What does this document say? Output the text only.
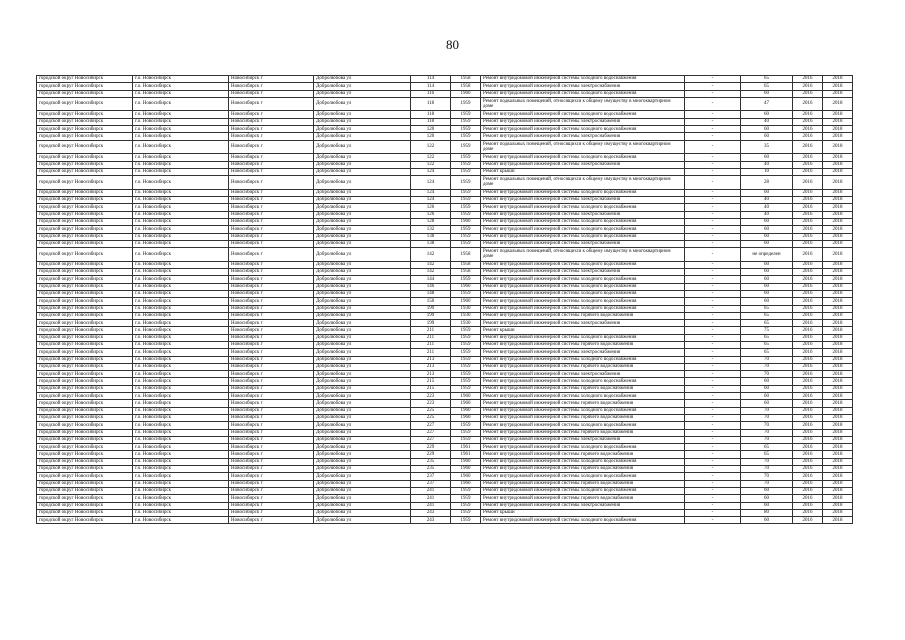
80
городской округ Новосибирск	г.о. Новосибирск	Новосибирск г	Добролюбова ул	114	1958	Ремонт внутридомовой инженерной системы холодного водоснабжения	-	65	2016	2018
городской округ Новосибирск	г.о. Новосибирск	Новосибирск г	Добролюбова ул	114	1958	Ремонт внутридомовой инженерной системы электроснабжения	-	65	2016	2018
городской округ Новосибирск	г.о. Новосибирск	Новосибирск г	Добролюбова ул	116	1960	Ремонт внутридомовой инженерной системы холодного водоснабжения	-	60	2016	2018
городской округ Новосибирск	г.о. Новосибирск	Новосибирск г	Добролюбова ул	118	1959	Ремонт подвальных помещений, относящихся к общему имуществу в многоквартирном доме	-	47	2016	2018
городской округ Новосибирск	г.о. Новосибирск	Новосибирск г	Добролюбова ул	118	1959	Ремонт внутридомовой инженерной системы холодного водоснабжения	-	60	2016	2018
городской округ Новосибирск	г.о. Новосибирск	Новосибирск г	Добролюбова ул	118	1959	Ремонт внутридомовой инженерной системы электроснабжения	-	40	2016	2018
городской округ Новосибирск	г.о. Новосибирск	Новосибирск г	Добролюбова ул	120	1959	Ремонт внутридомовой инженерной системы холодного водоснабжения	-	60	2016	2018
городской округ Новосибирск	г.о. Новосибирск	Новосибирск г	Добролюбова ул	120	1959	Ремонт внутридомовой инженерной системы электроснабжения	-	60	2016	2018
городской округ Новосибирск	г.о. Новосибирск	Новосибирск г	Добролюбова ул	122	1959	Ремонт подвальных помещений, относящихся к общему имуществу в многоквартирном доме	-	35	2016	2018
городской округ Новосибирск	г.о. Новосибирск	Новосибирск г	Добролюбова ул	122	1959	Ремонт внутридомовой инженерной системы холодного водоснабжения	-	60	2016	2018
городской округ Новосибирск	г.о. Новосибирск	Новосибирск г	Добролюбова ул	122	1959	Ремонт внутридомовой инженерной системы электроснабжения	-	40	2016	2018
городской округ Новосибирск	г.о. Новосибирск	Новосибирск г	Добролюбова ул	124	1959	Ремонт крыши	-	10	2016	2018
городской округ Новосибирск	г.о. Новосибирск	Новосибирск г	Добролюбова ул	124	1959	Ремонт подвальных помещений, относящихся к общему имуществу в многоквартирном доме	-	28	2016	2018
городской округ Новосибирск	г.о. Новосибирск	Новосибирск г	Добролюбова ул	124	1959	Ремонт внутридомовой инженерной системы холодного водоснабжения	-	60	2016	2018
городской округ Новосибирск	г.о. Новосибирск	Новосибирск г	Добролюбова ул	124	1959	Ремонт внутридомовой инженерной системы электроснабжения	-	40	2016	2018
городской округ Новосибирск	г.о. Новосибирск	Новосибирск г	Добролюбова ул	126	1959	Ремонт внутридомовой инженерной системы холодного водоснабжения	-	40	2016	2018
городской округ Новосибирск	г.о. Новосибирск	Новосибирск г	Добролюбова ул	126	1959	Ремонт внутридомовой инженерной системы электроснабжения	-	40	2016	2018
городской округ Новосибирск	г.о. Новосибирск	Новосибирск г	Добролюбова ул	128	1960	Ремонт внутридомовой инженерной системы холодного водоснабжения	-	60	2016	2018
городской округ Новосибирск	г.о. Новосибирск	Новосибирск г	Добролюбова ул	132	1959	Ремонт внутридомовой инженерной системы холодного водоснабжения	-	60	2016	2018
городской округ Новосибирск	г.о. Новосибирск	Новосибирск г	Добролюбова ул	138	1959	Ремонт внутридомовой инженерной системы холодного водоснабжения	-	60	2016	2018
городской округ Новосибирск	г.о. Новосибирск	Новосибирск г	Добролюбова ул	138	1959	Ремонт внутридомовой инженерной системы электроснабжения	-	60	2016	2018
городской округ Новосибирск	г.о. Новосибирск	Новосибирск г	Добролюбова ул	142	1958	Ремонт подвальных помещений, относящихся к общему имуществу в многоквартирном доме	-	не определен	2016	2018
городской округ Новосибирск	г.о. Новосибирск	Новосибирск г	Добролюбова ул	142	1958	Ремонт внутридомовой инженерной системы холодного водоснабжения	-	60	2016	2018
городской округ Новосибирск	г.о. Новосибирск	Новосибирск г	Добролюбова ул	142	1958	Ремонт внутридомовой инженерной системы электроснабжения	-	60	2016	2018
городской округ Новосибирск	г.о. Новосибирск	Новосибирск г	Добролюбова ул	144	1959	Ремонт внутридомовой инженерной системы холодного водоснабжения	-	60	2016	2018
городской округ Новосибирск	г.о. Новосибирск	Новосибирск г	Добролюбова ул	146	1960	Ремонт внутридомовой инженерной системы холодного водоснабжения	-	60	2016	2018
городской округ Новосибирск	г.о. Новосибирск	Новосибирск г	Добролюбова ул	148	1959	Ремонт внутридомовой инженерной системы холодного водоснабжения	-	60	2016	2018
городской округ Новосибирск	г.о. Новосибирск	Новосибирск г	Добролюбова ул	150	1960	Ремонт внутридомовой инженерной системы холодного водоснабжения	-	60	2016	2018
городской округ Новосибирск	г.о. Новосибирск	Новосибирск г	Добролюбова ул	199	1930	Ремонт внутридомовой инженерной системы холодного водоснабжения	-	65	2016	2018
городской округ Новосибирск	г.о. Новосибирск	Новосибирск г	Добролюбова ул	199	1930	Ремонт внутридомовой инженерной системы горячего водоснабжения	-	65	2016	2018
городской округ Новосибирск	г.о. Новосибирск	Новосибирск г	Добролюбова ул	199	1930	Ремонт внутридомовой инженерной системы электроснабжения	-	65	2016	2018
городской округ Новосибирск	г.о. Новосибирск	Новосибирск г	Добролюбова ул	211	1959	Ремонт крыши	-	75	2016	2018
городской округ Новосибирск	г.о. Новосибирск	Новосибирск г	Добролюбова ул	211	1959	Ремонт внутридомовой инженерной системы холодного водоснабжения	-	65	2016	2018
городской округ Новосибирск	г.о. Новосибирск	Новосибирск г	Добролюбова ул	211	1959	Ремонт внутридомовой инженерной системы горячего водоснабжения	-	65	2016	2018
городской округ Новосибирск	г.о. Новосибирск	Новосибирск г	Добролюбова ул	211	1959	Ремонт внутридомовой инженерной системы электроснабжения	-	65	2016	2018
городской округ Новосибирск	г.о. Новосибирск	Новосибирск г	Добролюбова ул	213	1959	Ремонт внутридомовой инженерной системы холодного водоснабжения	-	70	2016	2018
городской округ Новосибирск	г.о. Новосибирск	Новосибирск г	Добролюбова ул	213	1959	Ремонт внутридомовой инженерной системы горячего водоснабжения	-	70	2016	2018
городской округ Новосибирск	г.о. Новосибирск	Новосибирск г	Добролюбова ул	213	1959	Ремонт внутридомовой инженерной системы электроснабжения	-	70	2016	2018
городской округ Новосибирск	г.о. Новосибирск	Новосибирск г	Добролюбова ул	215	1959	Ремонт внутридомовой инженерной системы холодного водоснабжения	-	60	2016	2018
городской округ Новосибирск	г.о. Новосибирск	Новосибирск г	Добролюбова ул	215	1959	Ремонт внутридомовой инженерной системы горячего водоснабжения	-	60	2016	2018
городской округ Новосибирск	г.о. Новосибирск	Новосибирск г	Добролюбова ул	223	1960	Ремонт внутридомовой инженерной системы холодного водоснабжения	-	60	2016	2018
городской округ Новосибирск	г.о. Новосибирск	Новосибирск г	Добролюбова ул	223	1960	Ремонт внутридомовой инженерной системы горячего водоснабжения	-	60	2016	2018
городской округ Новосибирск	г.о. Новосибирск	Новосибирск г	Добролюбова ул	225	1960	Ремонт внутридомовой инженерной системы холодного водоснабжения	-	70	2016	2018
городской округ Новосибирск	г.о. Новосибирск	Новосибирск г	Добролюбова ул	225	1960	Ремонт внутридомовой инженерной системы горячего водоснабжения	-	70	2016	2018
городской округ Новосибирск	г.о. Новосибирск	Новосибирск г	Добролюбова ул	227	1959	Ремонт внутридомовой инженерной системы холодного водоснабжения	-	70	2016	2018
городской округ Новосибирск	г.о. Новосибирск	Новосибирск г	Добролюбова ул	227	1959	Ремонт внутридомовой инженерной системы горячего водоснабжения	-	70	2016	2018
городской округ Новосибирск	г.о. Новосибирск	Новосибирск г	Добролюбова ул	227	1959	Ремонт внутридомовой инженерной системы электроснабжения	-	70	2016	2018
городской округ Новосибирск	г.о. Новосибирск	Новосибирск г	Добролюбова ул	229	1961	Ремонт внутридомовой инженерной системы холодного водоснабжения	-	65	2016	2018
городской округ Новосибирск	г.о. Новосибирск	Новосибирск г	Добролюбова ул	229	1961	Ремонт внутридомовой инженерной системы горячего водоснабжения	-	65	2016	2018
городской округ Новосибирск	г.о. Новосибирск	Новосибирск г	Добролюбова ул	235	1960	Ремонт внутридомовой инженерной системы холодного водоснабжения	-	70	2016	2018
городской округ Новосибирск	г.о. Новосибирск	Новосибирск г	Добролюбова ул	235	1960	Ремонт внутридомовой инженерной системы горячего водоснабжения	-	70	2016	2018
городской округ Новосибирск	г.о. Новосибирск	Новосибирск г	Добролюбова ул	237	1960	Ремонт внутридомовой инженерной системы холодного водоснабжения	-	70	2016	2018
городской округ Новосибирск	г.о. Новосибирск	Новосибирск г	Добролюбова ул	237	1960	Ремонт внутридомовой инженерной системы горячего водоснабжения	-	70	2016	2018
городской округ Новосибирск	г.о. Новосибирск	Новосибирск г	Добролюбова ул	241	1959	Ремонт внутридомовой инженерной системы холодного водоснабжения	-	60	2016	2018
городской округ Новосибирск	г.о. Новосибирск	Новосибирск г	Добролюбова ул	241	1959	Ремонт внутридомовой инженерной системы горячего водоснабжения	-	60	2016	2018
городской округ Новосибирск	г.о. Новосибирск	Новосибирск г	Добролюбова ул	241	1959	Ремонт внутридомовой инженерной системы электроснабжения	-	60	2016	2018
городской округ Новосибирск	г.о. Новосибирск	Новосибирск г	Добролюбова ул	243	1959	Ремонт крыши	-	80	2016	2018
городской округ Новосибирск	г.о. Новосибирск	Новосибирск г	Добролюбова ул	243	1959	Ремонт внутридомовой инженерной системы холодного водоснабжения	-	60	2016	2018
